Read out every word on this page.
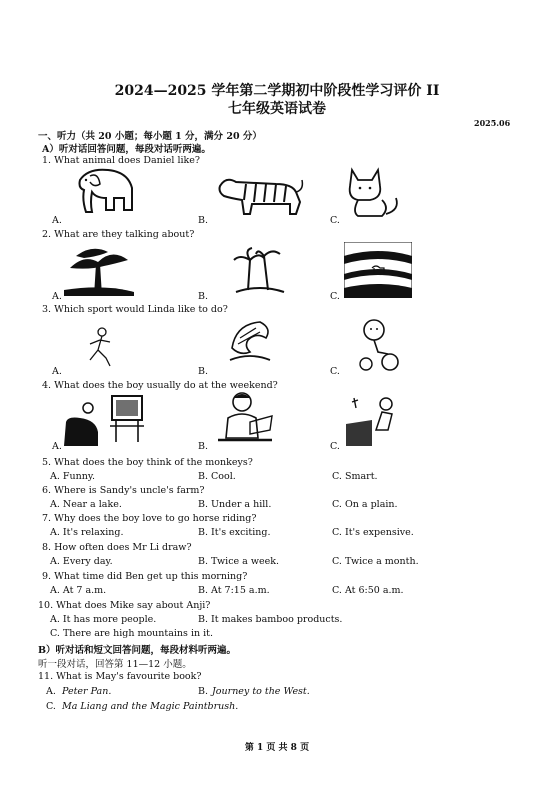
2024—2025 学年第二学期初中阶段性学习评价 II
七年级英语试卷
2025.06
一、听力（共 20 小题；每小题 1 分，满分 20 分）
A）听对话回答问题，每段对话听两遍。
1. What animal does Daniel like?
A.	B.	C.
2. What are they talking about?
A.	B.	C.
3. Which sport would Linda like to do?
A.	B.	C.
4. What does the boy usually do at the weekend?
A.	B.	C.
5. What does the boy think of the monkeys?
A. Funny.	B. Cool.	C. Smart.
6. Where is Sandy's uncle's farm?
A. Near a lake.	B. Under a hill.	C. On a plain.
7. Why does the boy love to go horse riding?
A. It's relaxing.	B. It's exciting.	C. It's expensive.
8. How often does Mr Li draw?
A. Every day.	B. Twice a week.	C. Twice a month.
9. What time did Ben get up this morning?
A. At 7 a.m.	B. At 7:15 a.m.	C. At 6:50 a.m.
10. What does Mike say about Anji?
A. It has more people.	B. It makes bamboo products.
C. There are high mountains in it.
B）听对话和短文回答问题，每段材料听两遍。
听一段对话，回答第 11—12 小题。
11. What is May's favourite book?
A. Peter Pan.	B. Journey to the West.
C. Ma Liang and the Magic Paintbrush.
第 1 页 共 8 页
